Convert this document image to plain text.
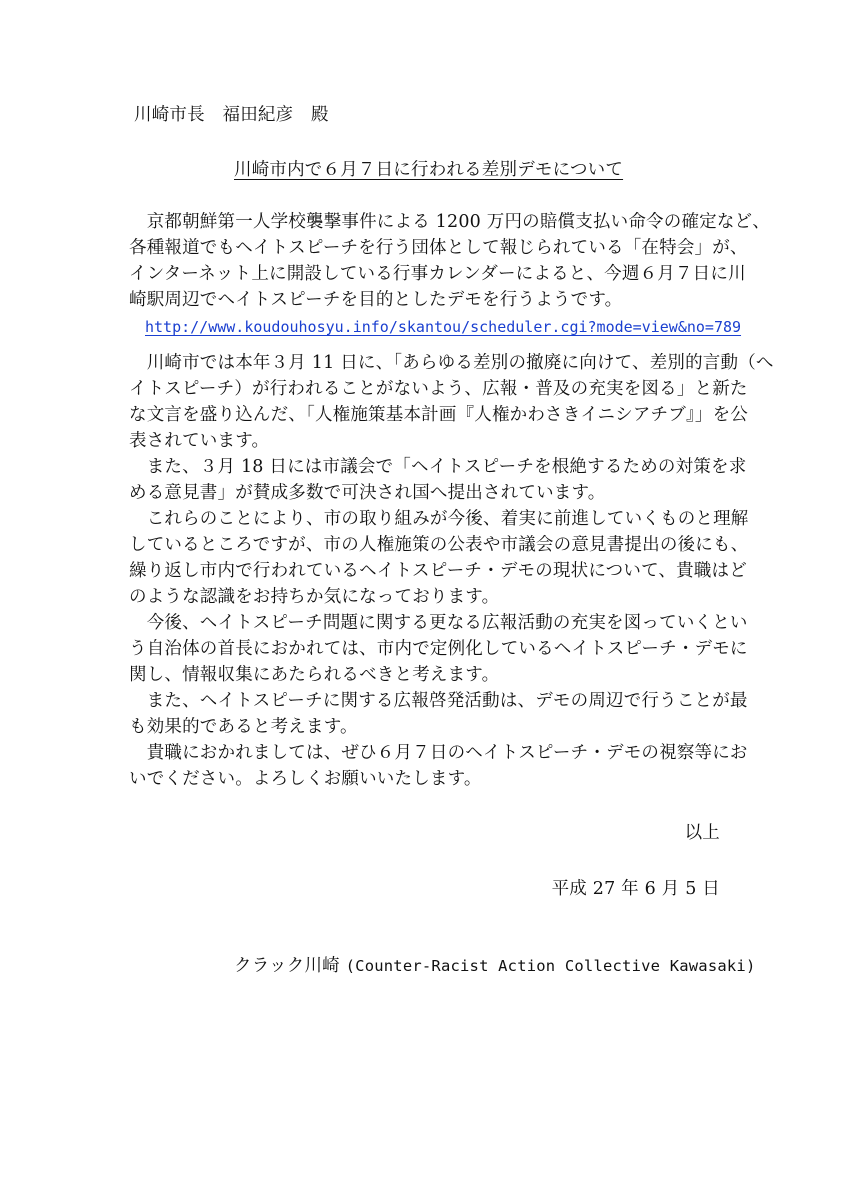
川崎市長　福田紀彦　殿
川崎市内で６月７日に行われる差別デモについて
　京都朝鮮第一人学校襲撃事件による 1200 万円の賠償支払い命令の確定など、
各種報道でもヘイトスピーチを行う団体として報じられている「在特会」が、
インターネット上に開設している行事カレンダーによると、今週６月７日に川
崎駅周辺でヘイトスピーチを目的としたデモを行うようです。
http://www.koudouhosyu.info/skantou/scheduler.cgi?mode=view&no=789
　川崎市では本年３月 11 日に、「あらゆる差別の撤廃に向けて、差別的言動（へ
イトスピーチ）が行われることがないよう、広報・普及の充実を図る」と新た
な文言を盛り込んだ、「人権施策基本計画『人権かわさきイニシアチブ』」を公
表されています。
　また、３月 18 日には市議会で「ヘイトスピーチを根絶するための対策を求
める意見書」が賛成多数で可決され国へ提出されています。
　これらのことにより、市の取り組みが今後、着実に前進していくものと理解
しているところですが、市の人権施策の公表や市議会の意見書提出の後にも、
繰り返し市内で行われているヘイトスピーチ・デモの現状について、貴職はど
のような認識をお持ちか気になっております。
　今後、ヘイトスピーチ問題に関する更なる広報活動の充実を図っていくとい
う自治体の首長におかれては、市内で定例化しているヘイトスピーチ・デモに
関し、情報収集にあたられるべきと考えます。
　また、ヘイトスピーチに関する広報啓発活動は、デモの周辺で行うことが最
も効果的であると考えます。
　貴職におかれましては、ぜひ６月７日のヘイトスピーチ・デモの視察等にお
いでください。よろしくお願いいたします。
以上
平成 27 年 6 月 5 日
クラック川崎 (Counter-Racist Action Collective Kawasaki)
